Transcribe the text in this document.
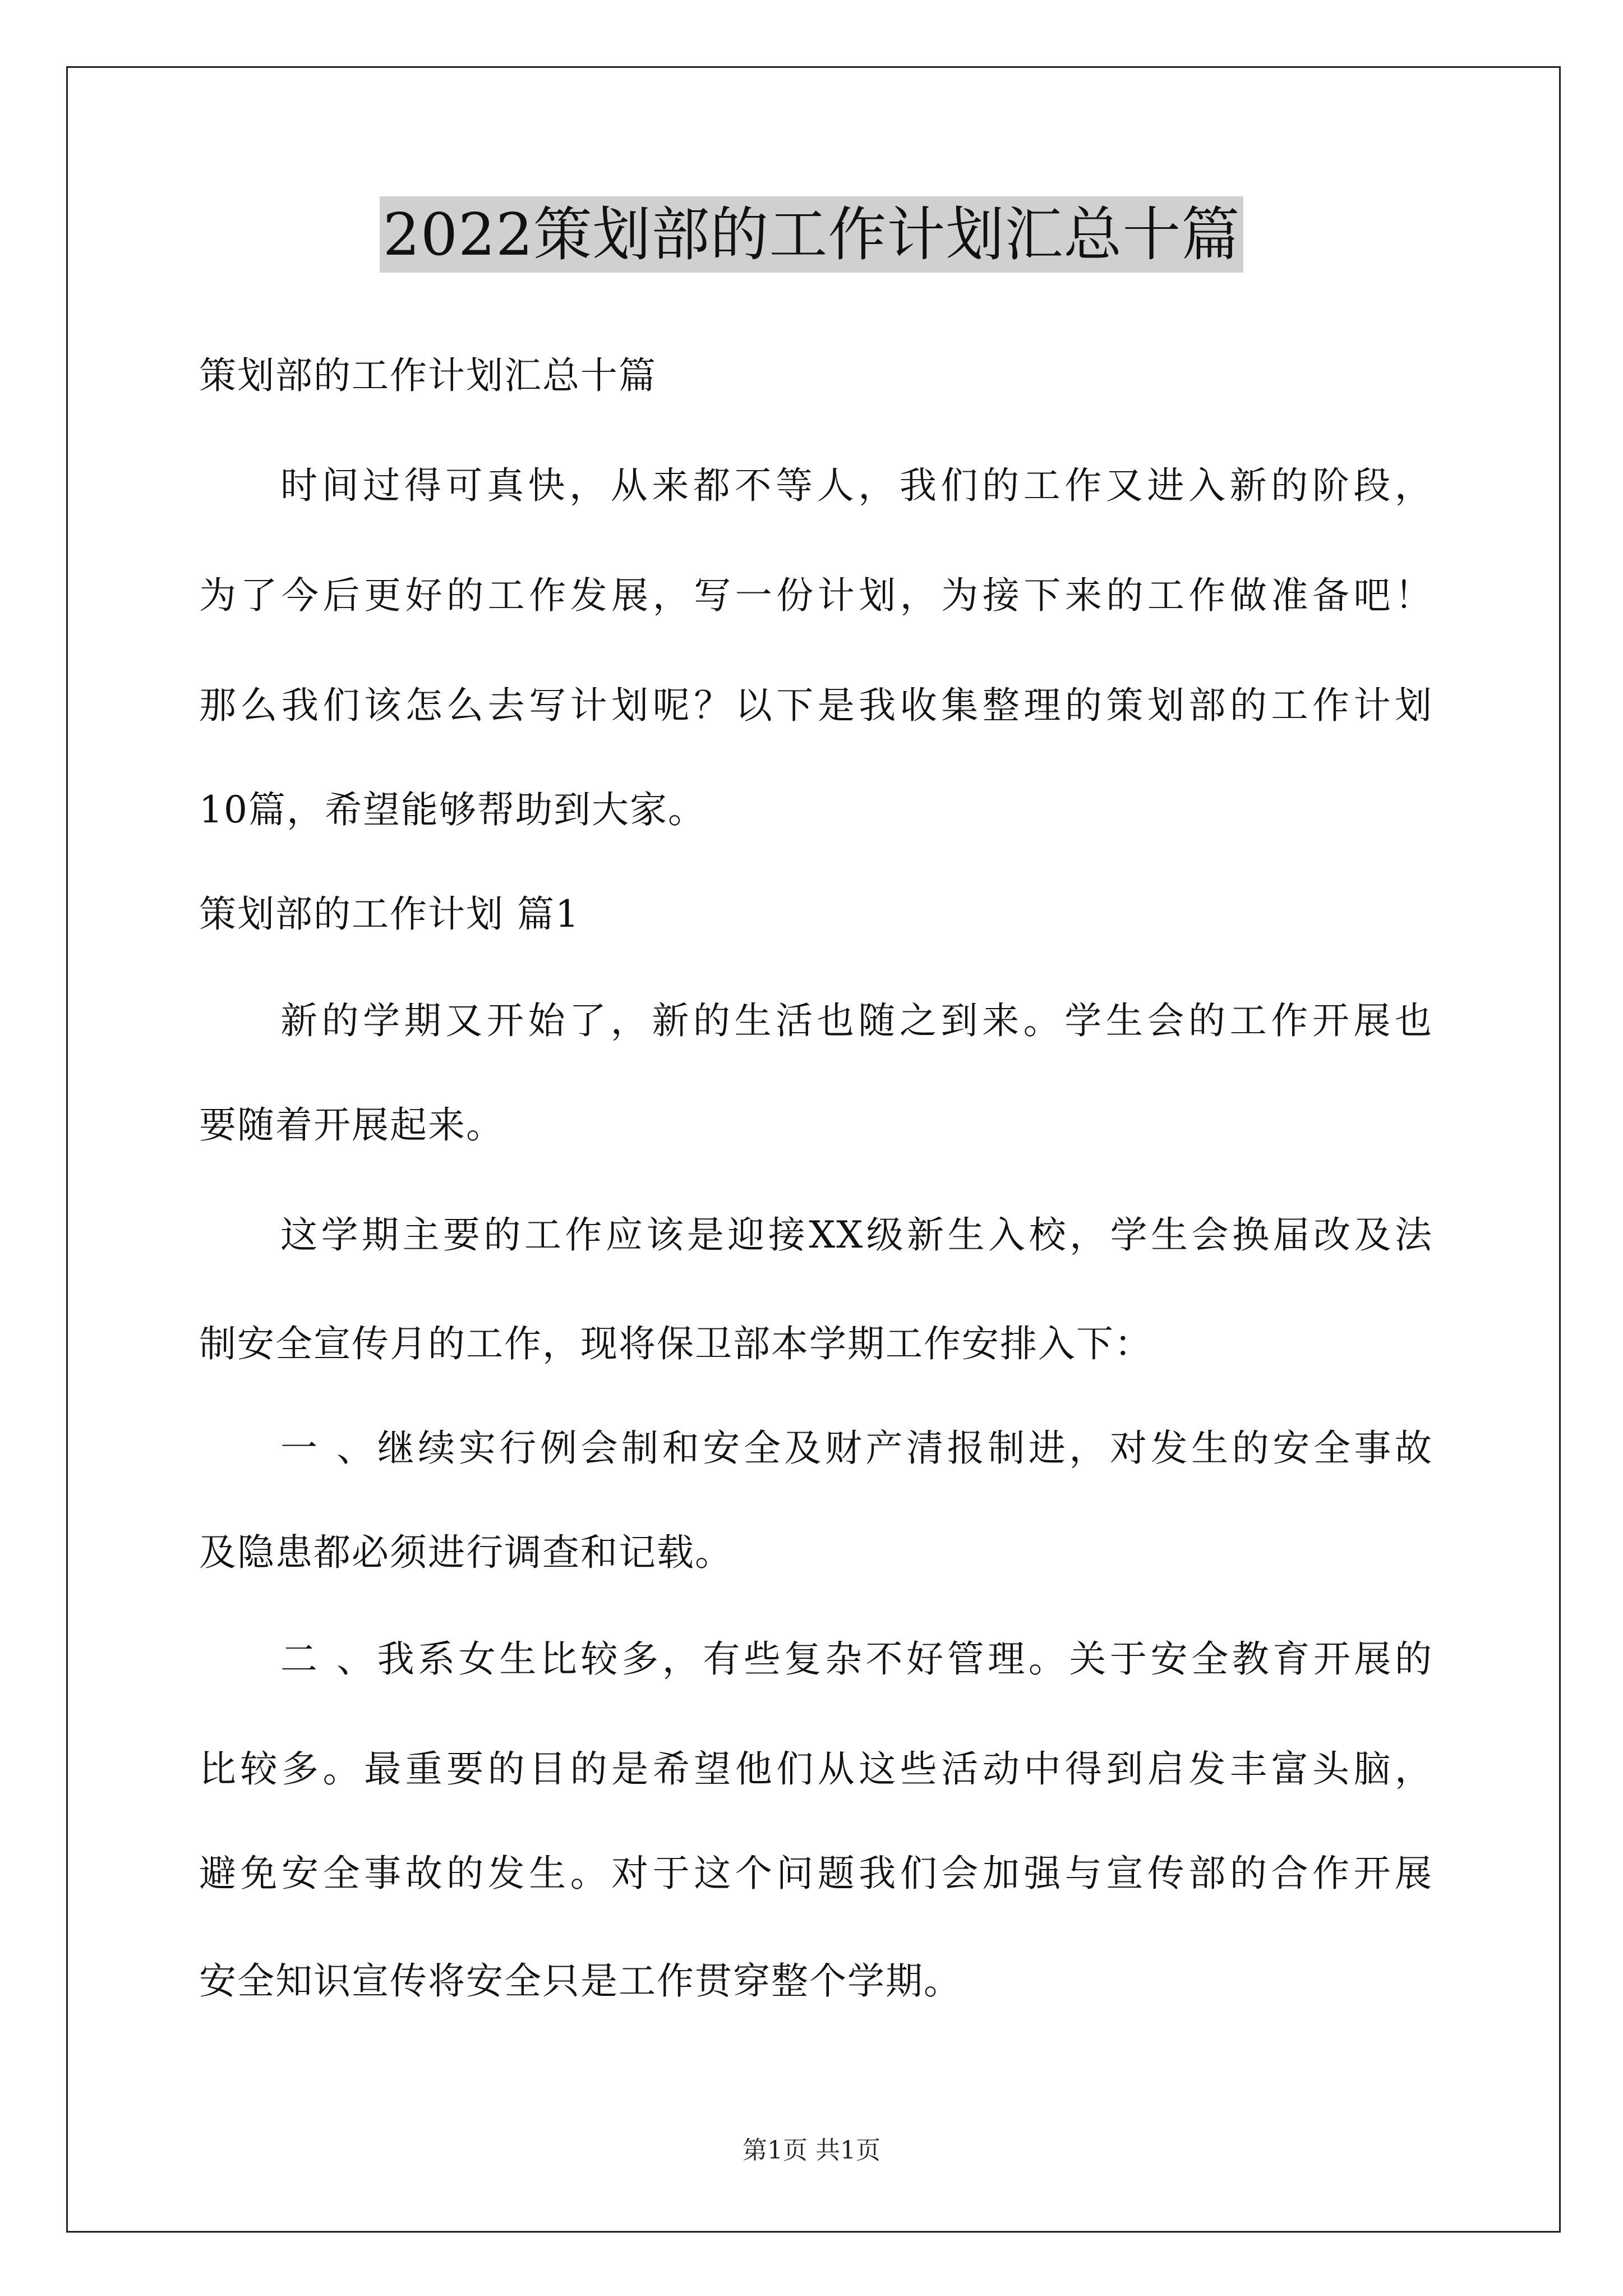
2022策划部的工作计划汇总十篇
策划部的工作计划汇总十篇
时间过得可真快，从来都不等人，我们的工作又进入新的阶段，
为了今后更好的工作发展，写一份计划，为接下来的工作做准备吧！
那么我们该怎么去写计划呢？以下是我收集整理的策划部的工作计划
10篇，希望能够帮助到大家。
策划部的工作计划 篇1
新的学期又开始了，新的生活也随之到来。学生会的工作开展也
要随着开展起来。
这学期主要的工作应该是迎接XX级新生入校，学生会换届改及法
制安全宣传月的工作，现将保卫部本学期工作安排入下：
一 、继续实行例会制和安全及财产清报制进，对发生的安全事故
及隐患都必须进行调查和记载。
二 、我系女生比较多，有些复杂不好管理。关于安全教育开展的
比较多。最重要的目的是希望他们从这些活动中得到启发丰富头脑，
避免安全事故的发生。对于这个问题我们会加强与宣传部的合作开展
安全知识宣传将安全只是工作贯穿整个学期。
第1页 共1页
